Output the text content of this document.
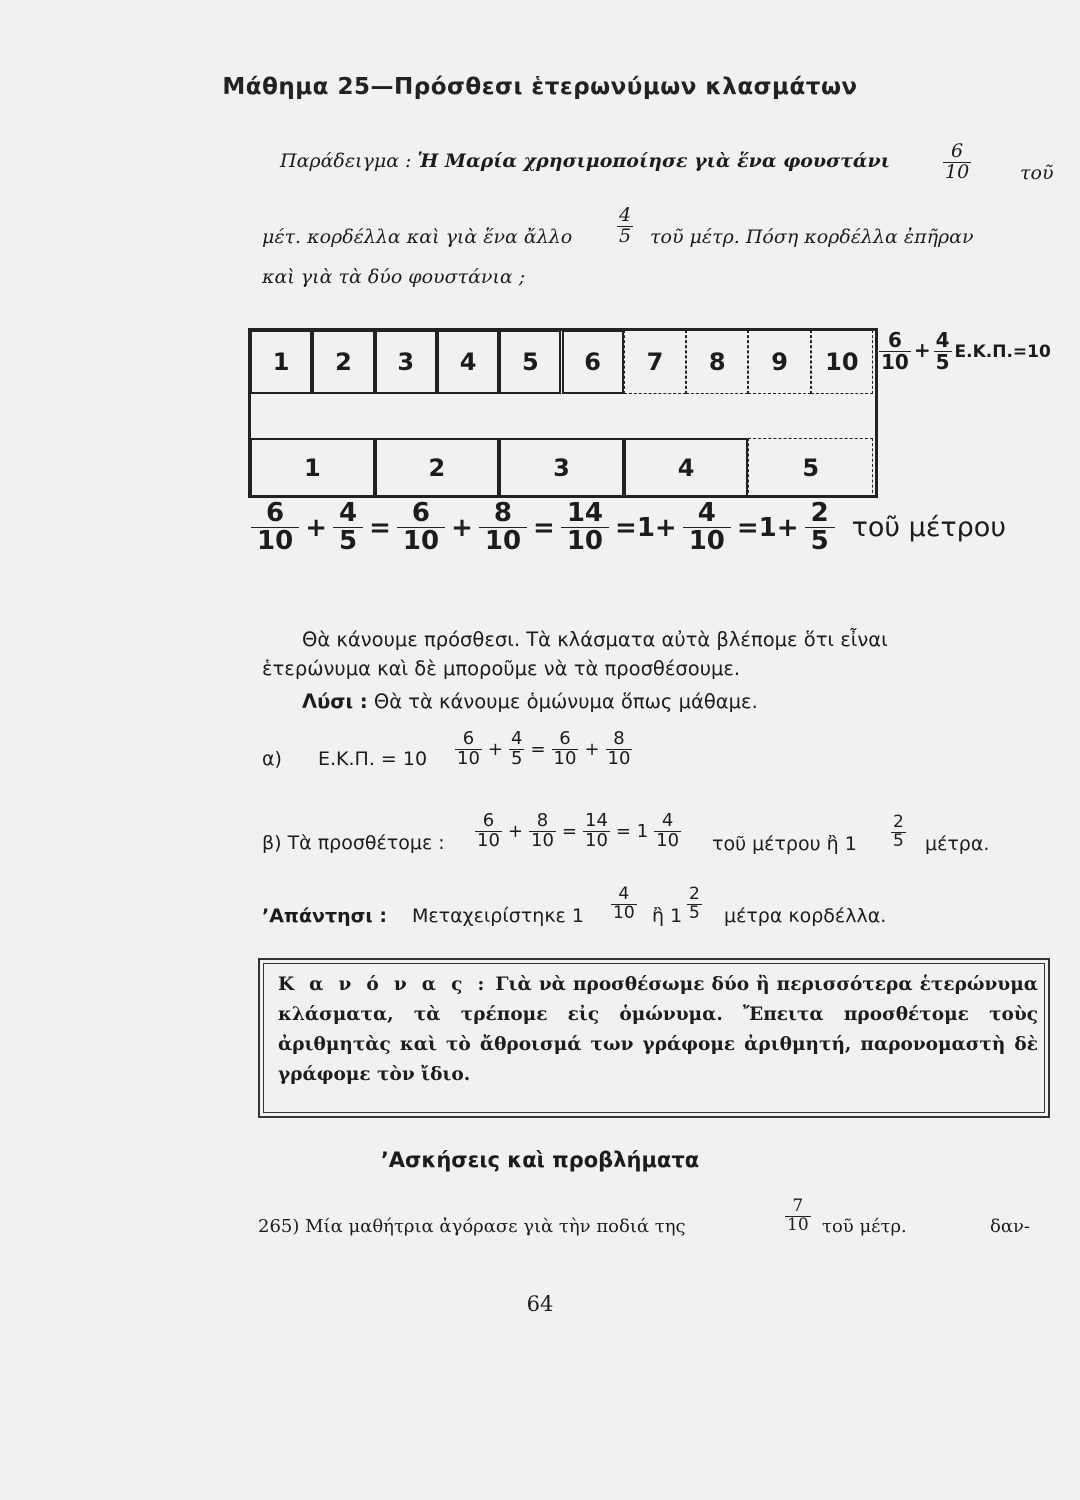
Μάθημα 25—Πρόσθεσι ἑτερωνύμων κλασμάτων
Παράδειγμα : Ἡ Μαρία χρησιμοποίησε γιὰ ἕνα φουστάνι	$\frac{6}{10}$	τοῦ
μέτ. κορδέλλα καὶ γιὰ ἕνα ἄλλο $\frac{4}{5}$ τοῦ μέτρ. Πόση κορδέλλα ἐπῆραν
καὶ γιὰ τὰ δύο φουστάνια ;
1	2	3	4	5	6	7	8	9	10
1	2	3	4	5
$\frac{6}{10} + \frac{4}{5} E.K.\Pi.=10$
$\frac{6}{10} + \frac{4}{5} = \frac{6}{10} + \frac{8}{10} = \frac{14}{10} =1+ \frac{4}{10} =1+ \frac{2}{5}$ τοῦ μέτρου
Θὰ κάνουμε πρόσθεσι. Τὰ κλάσματα αὐτὰ βλέπομε ὅτι εἶναι
ἑτερώνυμα καὶ δὲ μποροῦμε νὰ τὰ προσθέσουμε.
Λύσι : Θὰ τὰ κάνουμε ὁμώνυμα ὅπως μάθαμε.
α) Ε.Κ.Π. = $10 \frac{6}{10} + \frac{4}{5} = \frac{6}{10} + \frac{8}{10}$
β) Τὰ προσθέτομε : $\frac{6}{10} + \frac{8}{10} = \frac{14}{10} = 1 \frac{4}{10}$ τοῦ μέτρου ἢ $1 \frac{2}{5} \mu έ\tau\rho\alpha$.
’Απάντησι : Μεταχειρίστηκε $1 \frac{4}{10}$ ἢ $1 \frac{2}{5}$ μέτρα κορδέλλα.
Κ α ν ό ν α ς : Γιὰ νὰ προσθέσωμε δύο ἢ περισσότερα ἑτερώνυμα κλάσματα, τὰ τρέπομε εἰς ὁμώνυμα. Ἔπειτα προσθέτομε τοὺς ἀριθμητὰς καὶ τὸ ἄθροισμά των γράφομε ἀριθμητή, παρονομαστὴ δὲ γράφομε τὸν ἴδιο.
’Ασκήσεις καὶ προβλήματα
265) Μία μαθήτρια ἀγόρασε γιὰ τὴν ποδιά της	$\frac{7}{10}$ τοῦ μέτρ.	δαν-
64
